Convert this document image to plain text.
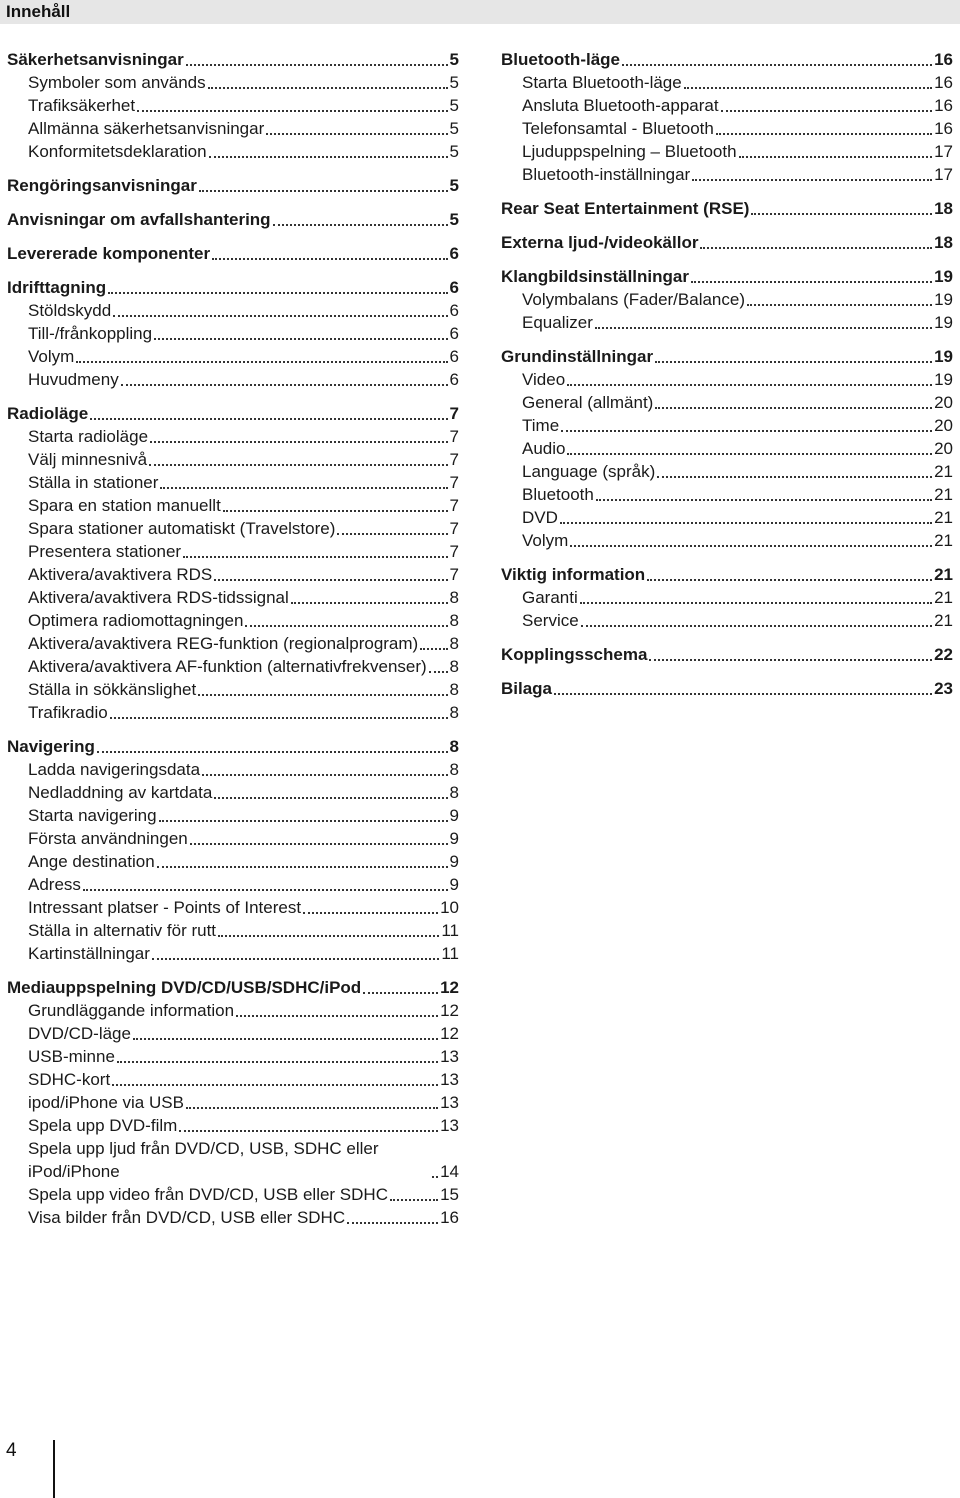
Innehåll
Säkerhetsanvisningar	5
Symboler som används	5
Trafiksäkerhet	5
Allmänna säkerhetsanvisningar	5
Konformitetsdeklaration	5
Rengöringsanvisningar	5
Anvisningar om avfallshantering	5
Levererade komponenter	6
Idrifttagning	6
Stöldskydd	6
Till-/frånkoppling	6
Volym	6
Huvudmeny	6
Radioläge	7
Starta radioläge	7
Välj minnesnivå	7
Ställa in stationer	7
Spara en station manuellt	7
Spara stationer automatiskt (Travelstore)	7
Presentera stationer	7
Aktivera/avaktivera RDS	7
Aktivera/avaktivera RDS-tidssignal	8
Optimera radiomottagningen	8
Aktivera/avaktivera REG-funktion (regionalprogram) 8
Aktivera/avaktivera AF-funktion (alternativfrekvenser) 8
Ställa in sökkänslighet	8
Trafikradio	8
Navigering	8
Ladda navigeringsdata	8
Nedladdning av kartdata	8
Starta navigering	9
Första användningen	9
Ange destination	9
Adress	9
Intressant platser - Points of Interest	10
Ställa in alternativ för rutt	11
Kartinställningar	11
Mediauppspelning DVD/CD/USB/SDHC/iPod	12
Grundläggande information	12
DVD/CD-läge	12
USB-minne	13
SDHC-kort	13
ipod/iPhone via USB	13
Spela upp DVD-film	13
Spela upp ljud från DVD/CD, USB, SDHC eller iPod/iPhone	14
Spela upp video från DVD/CD, USB eller SDHC	15
Visa bilder från DVD/CD, USB eller SDHC	16
Bluetooth-läge	16
Starta Bluetooth-läge	16
Ansluta Bluetooth-apparat	16
Telefonsamtal - Bluetooth	16
Ljuduppspelning – Bluetooth	17
Bluetooth-inställningar	17
Rear Seat Entertainment (RSE)	18
Externa ljud-/videokällor	18
Klangbildsinställningar	19
Volymbalans (Fader/Balance)	19
Equalizer	19
Grundinställningar	19
Video	19
General (allmänt)	20
Time	20
Audio	20
Language (språk)	21
Bluetooth	21
DVD	21
Volym	21
Viktig information	21
Garanti	21
Service	21
Kopplingsschema	22
Bilaga	23
4
